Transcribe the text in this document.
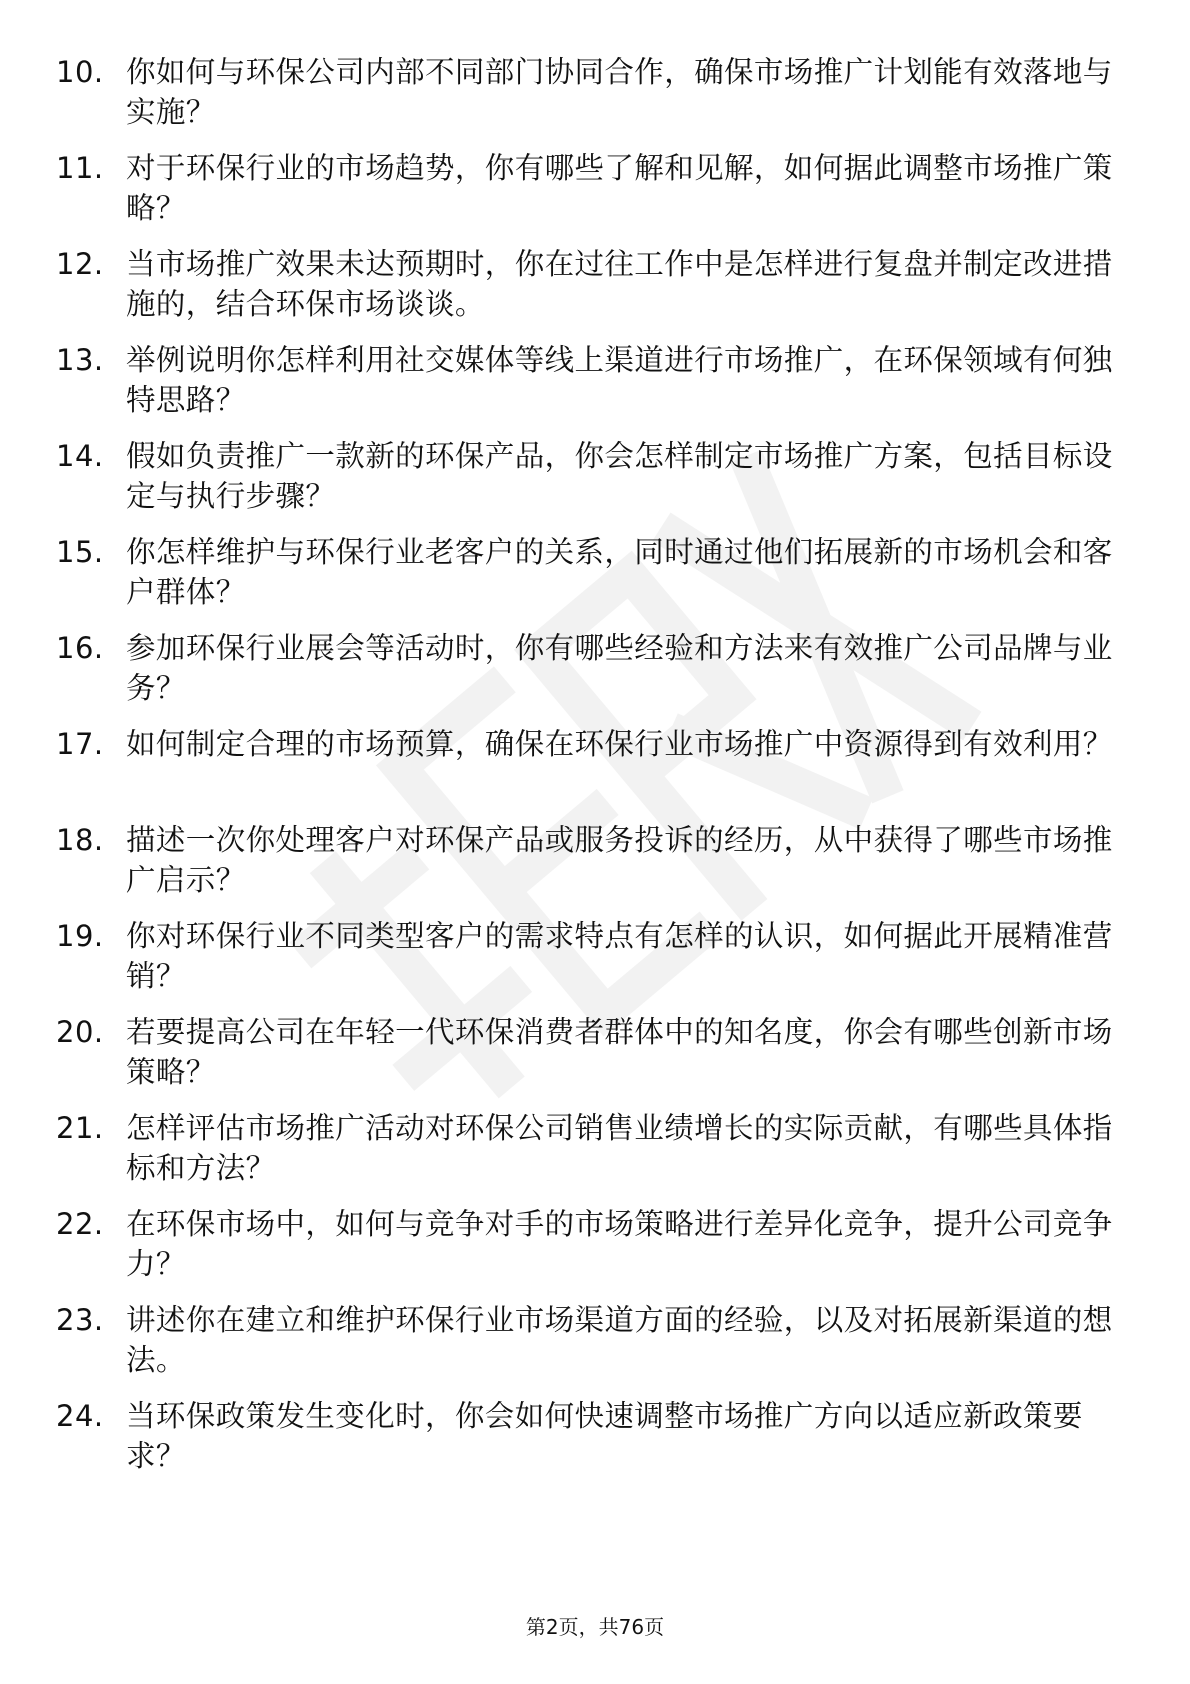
10. 你如何与环保公司内部不同部门协同合作，确保市场推广计划能有效落地与实施？
11. 对于环保行业的市场趋势，你有哪些了解和见解，如何据此调整市场推广策略？
12. 当市场推广效果未达预期时，你在过往工作中是怎样进行复盘并制定改进措施的，结合环保市场谈谈。
13. 举例说明你怎样利用社交媒体等线上渠道进行市场推广，在环保领域有何独特思路？
14. 假如负责推广一款新的环保产品，你会怎样制定市场推广方案，包括目标设定与执行步骤？
15. 你怎样维护与环保行业老客户的关系，同时通过他们拓展新的市场机会和客户群体？
16. 参加环保行业展会等活动时，你有哪些经验和方法来有效推广公司品牌与业务？
17. 如何制定合理的市场预算，确保在环保行业市场推广中资源得到有效利用？
18. 描述一次你处理客户对环保产品或服务投诉的经历，从中获得了哪些市场推广启示？
19. 你对环保行业不同类型客户的需求特点有怎样的认识，如何据此开展精准营销？
20. 若要提高公司在年轻一代环保消费者群体中的知名度，你会有哪些创新市场策略？
21. 怎样评估市场推广活动对环保公司销售业绩增长的实际贡献，有哪些具体指标和方法？
22. 在环保市场中，如何与竞争对手的市场策略进行差异化竞争，提升公司竞争力？
23. 讲述你在建立和维护环保行业市场渠道方面的经验，以及对拓展新渠道的想法。
24. 当环保政策发生变化时，你会如何快速调整市场推广方向以适应新政策要求？
第2页，共76页
